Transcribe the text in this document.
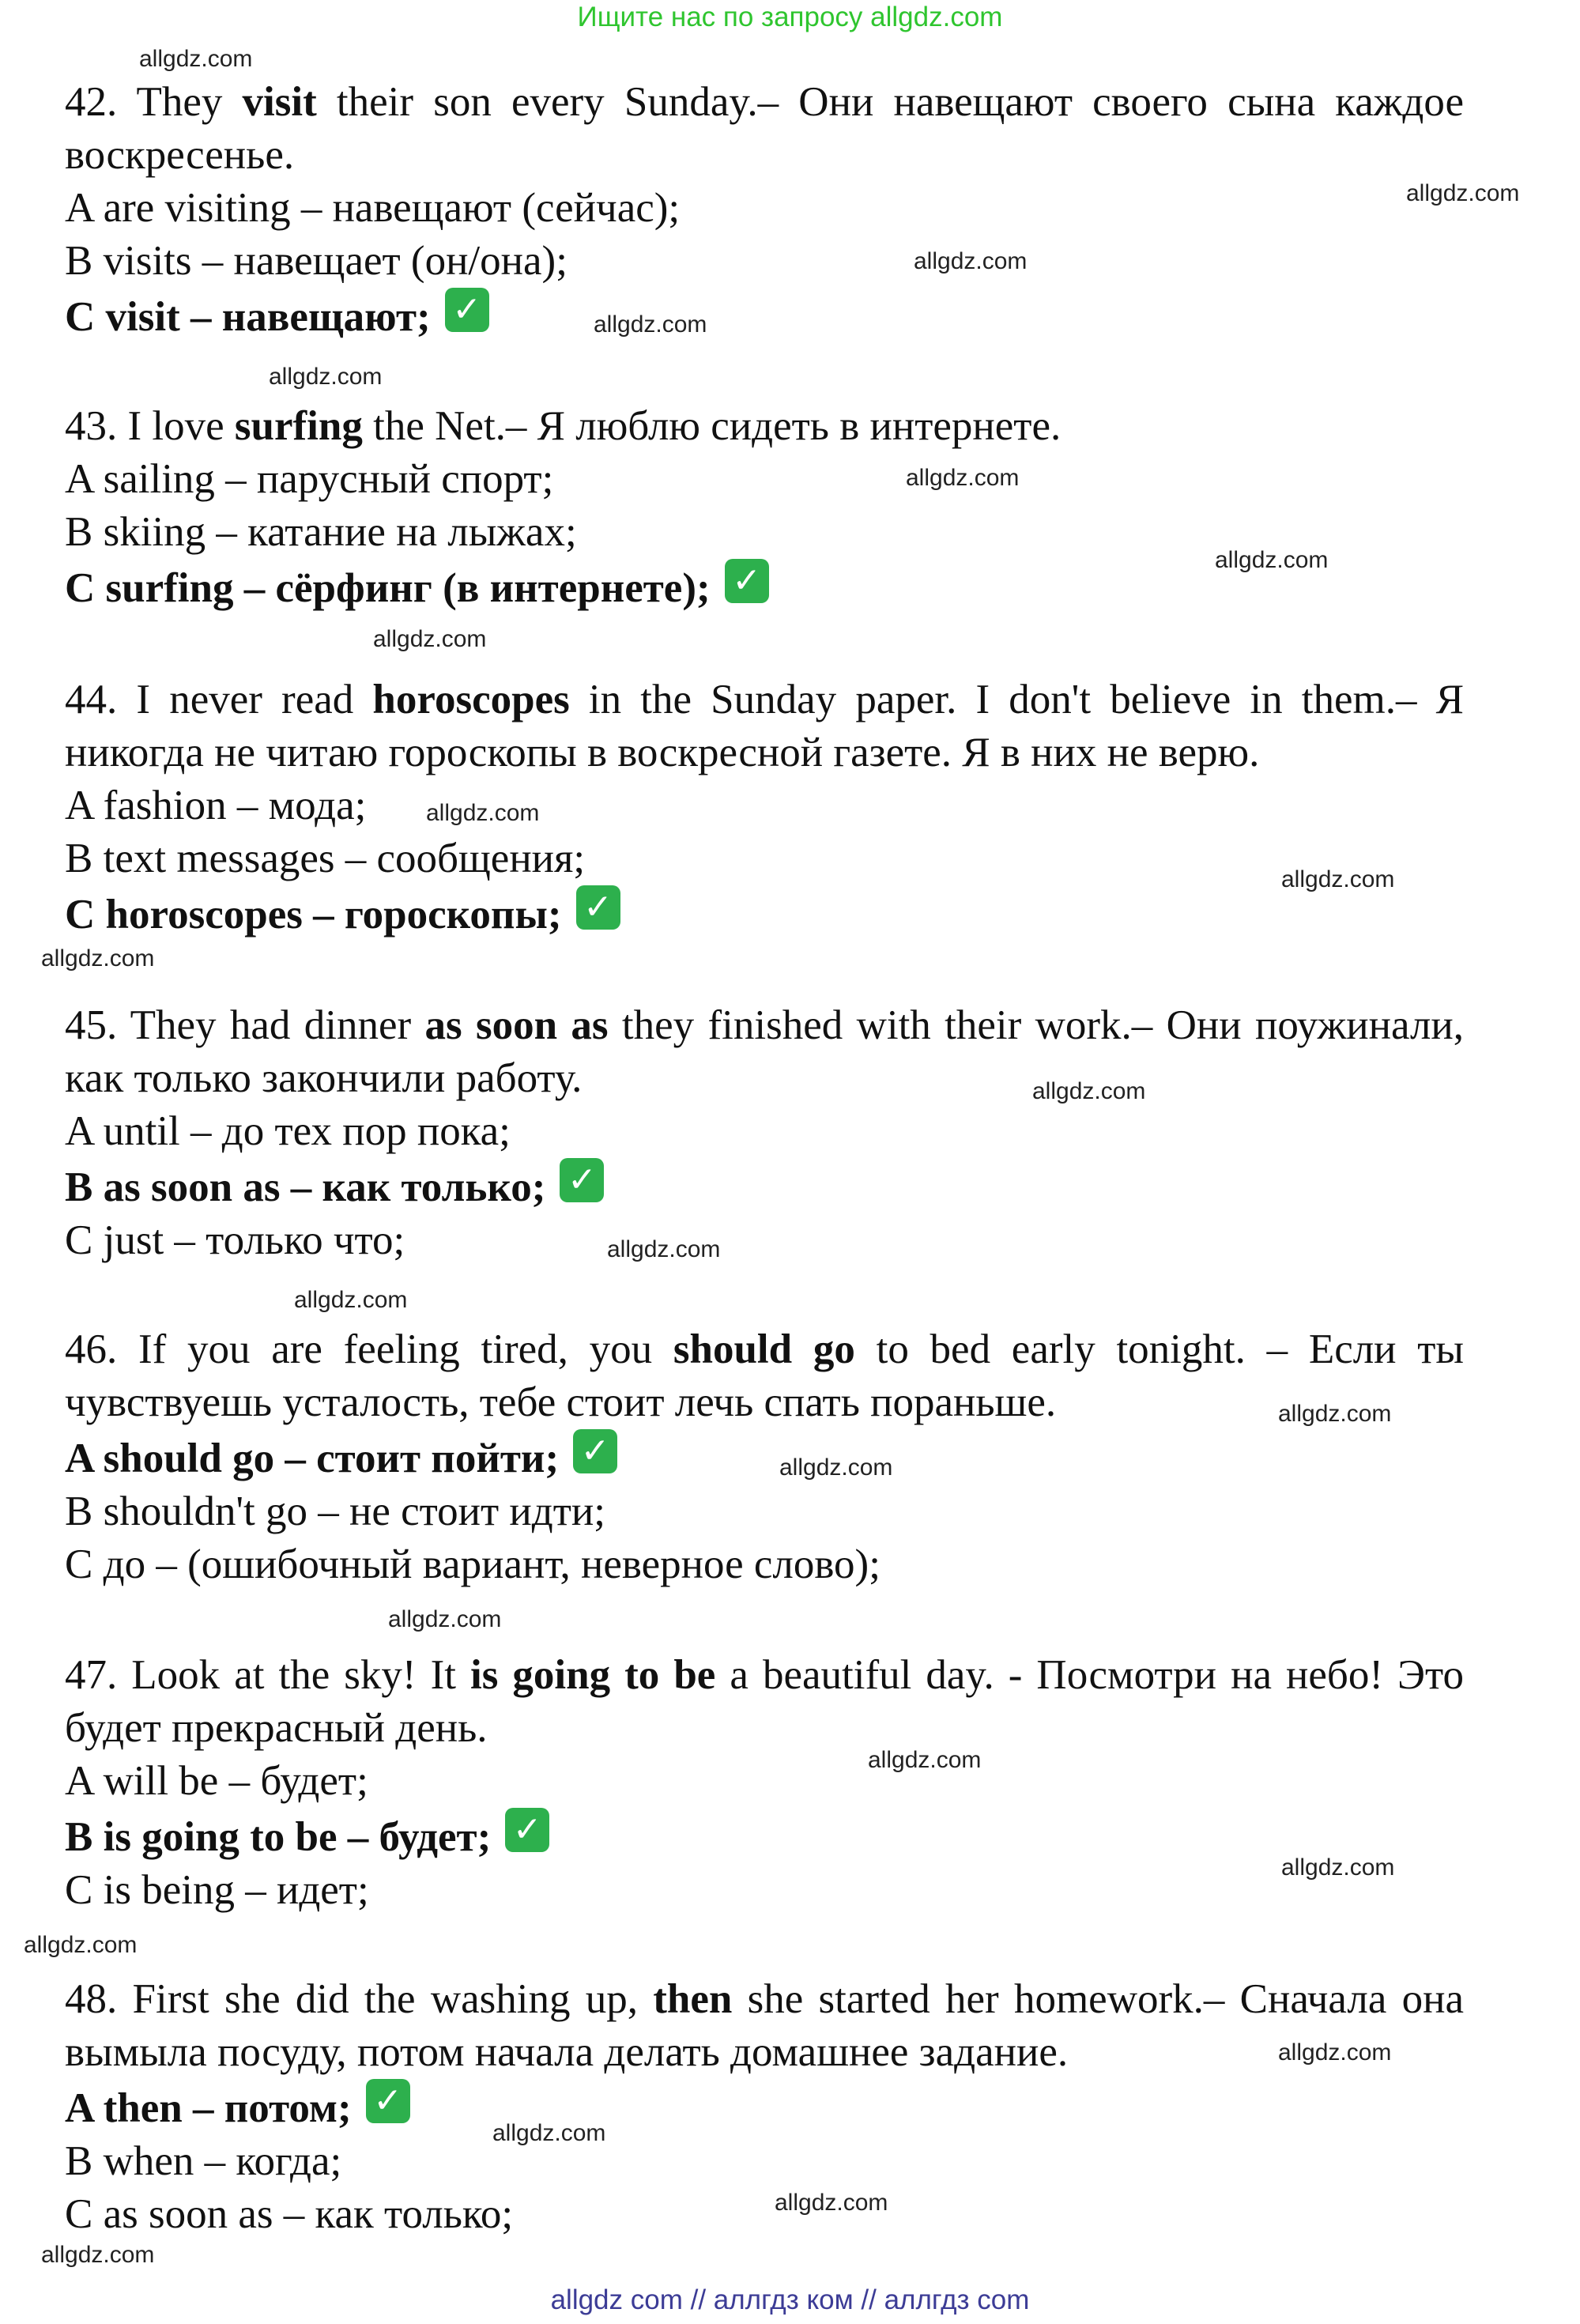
Ищите нас по запросу allgdz.com
allgdz.com
allgdz.com
allgdz.com
allgdz.com
allgdz.com
allgdz.com
allgdz.com
allgdz.com
allgdz.com
allgdz.com
allgdz.com
allgdz.com
allgdz.com
allgdz.com
allgdz.com
allgdz.com
allgdz.com
allgdz.com
allgdz.com
allgdz.com
allgdz.com
allgdz.com
allgdz.com
allgdz.com

42. They visit their son every Sunday.– Они навещают своего сына каждое воскресенье.

A are visiting – навещают (сейчас);

B visits – навещает (он/она);

C visit – навещают; ✓

43. I love surfing the Net.– Я люблю сидеть в интернете.

A sailing – парусный спорт;

B skiing – катание на лыжах;

C surfing – сёрфинг (в интернете); ✓

44. I never read horoscopes in the Sunday paper. I don't believe in them.– Я никогда не читаю гороскопы в воскресной газете. Я в них не верю.

A fashion – мода;

B text messages – сообщения;

C horoscopes – гороскопы; ✓

45. They had dinner as soon as they finished with their work.– Они поужинали, как только закончили работу.

A until – до тех пор пока;

B as soon as – как только; ✓

C just – только что;

46. If you are feeling tired, you should go to bed early tonight. – Если ты чувствуешь усталость, тебе стоит лечь спать пораньше.

A should go – стоит пойти; ✓

B shouldn't go – не стоит идти;

C до – (ошибочный вариант, неверное слово);

47. Look at the sky! It is going to be a beautiful day. - Посмотри на небо! Это будет прекрасный день.

A will be – будет;

B is going to be – будет; ✓

C is being – идет;

48. First she did the washing up, then she started her homework.– Сначала она вымыла посуду, потом начала делать домашнее задание.

A then – потом; ✓

B when – когда;

C as soon as – как только;

allgdz com // аллгдз ком // аллгдз com
